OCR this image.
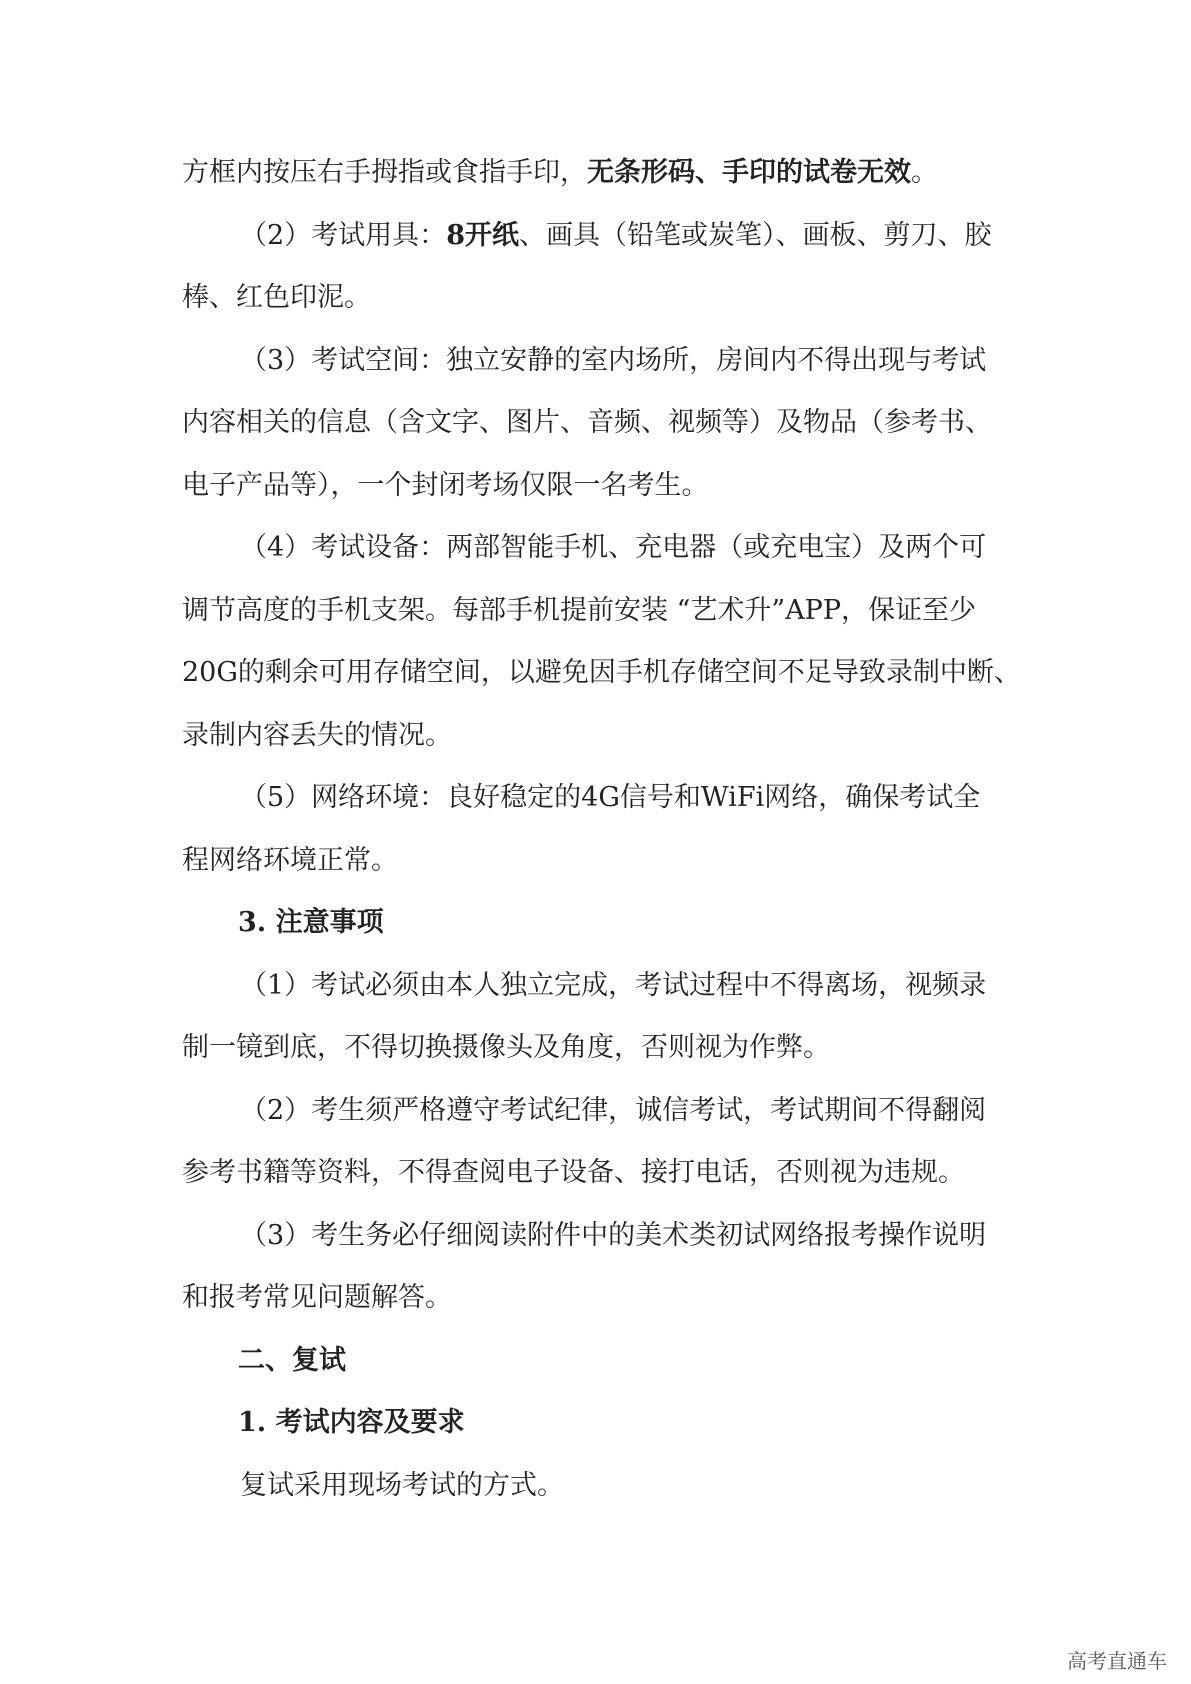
方框内按压右手拇指或食指手印，无条形码、手印的试卷无效。

（2）考试用具：8开纸、画具（铅笔或炭笔）、画板、剪刀、胶

棒、红色印泥。

（3）考试空间：独立安静的室内场所，房间内不得出现与考试

内容相关的信息（含文字、图片、音频、视频等）及物品（参考书、

电子产品等），一个封闭考场仅限一名考生。

（4）考试设备：两部智能手机、充电器（或充电宝）及两个可

调节高度的手机支架。每部手机提前安装 “艺术升”APP，保证至少

20G的剩余可用存储空间，以避免因手机存储空间不足导致录制中断、

录制内容丢失的情况。

（5）网络环境：良好稳定的4G信号和WiFi网络，确保考试全

程网络环境正常。

3. 注意事项

（1）考试必须由本人独立完成，考试过程中不得离场，视频录

制一镜到底，不得切换摄像头及角度，否则视为作弊。

（2）考生须严格遵守考试纪律，诚信考试，考试期间不得翻阅

参考书籍等资料，不得查阅电子设备、接打电话，否则视为违规。

（3）考生务必仔细阅读附件中的美术类初试网络报考操作说明

和报考常见问题解答。

二、复试

1. 考试内容及要求

复试采用现场考试的方式。

高考直通车
